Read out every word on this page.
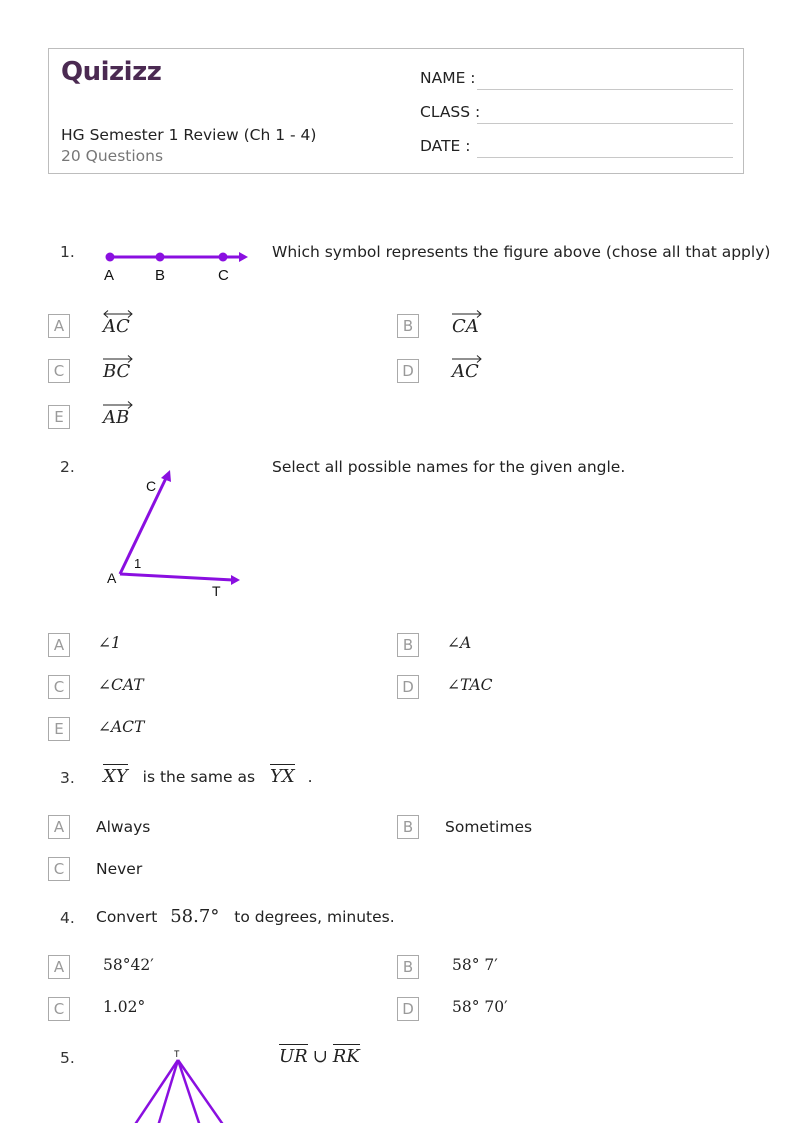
Quizizz
HG Semester 1 Review (Ch 1 - 4)
20 Questions
NAME :
CLASS :
DATE :
1.
A	B	C
Which symbol represents the figure above (chose all that apply)
A	AC	B	CA
C	BC	D AC
E	AB
2.
C
A
1
T
Select all possible names for the given angle.
A	∠1	B	∠A
C	∠CAT	D	∠TAC
E	∠ACT
3. XY is the same as YX .
A	Always	B	Sometimes
C	Never
4. Convert 58.7° to degrees, minutes.
A	58°42′	B	58° 7′
C	1.02°	D	58° 70′
5.	T	UR ∪ RK
